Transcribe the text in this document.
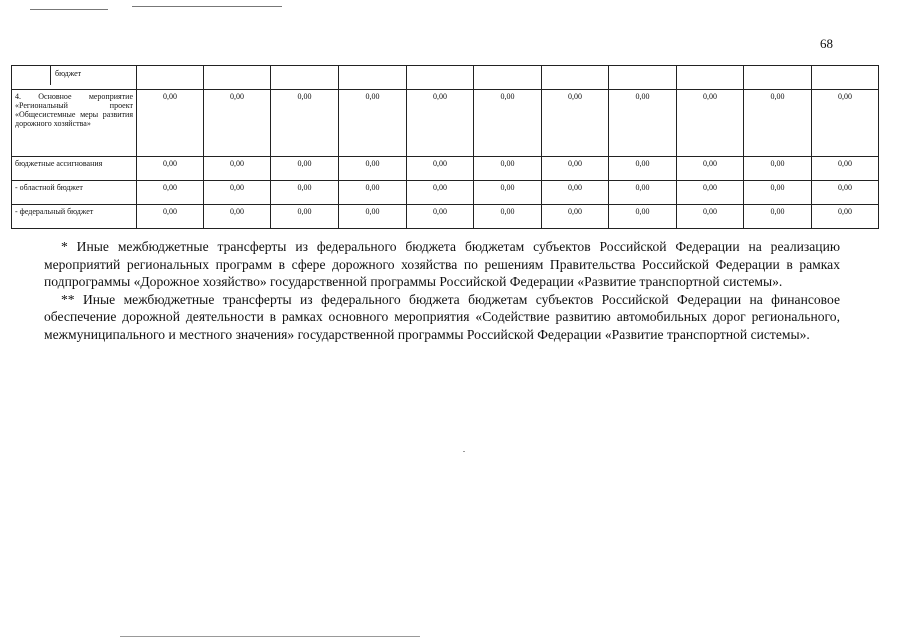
68
бюджет											

4. Основное мероприятие «Региональный проект «Общесистемные меры развития дорожного хозяйства»	0,00	0,00	0,00	0,00	0,00	0,00	0,00	0,00	0,00	0,00	0,00
бюджетные ассигнования	0,00	0,00	0,00	0,00	0,00	0,00	0,00	0,00	0,00	0,00	0,00
- областной бюджет	0,00	0,00	0,00	0,00	0,00	0,00	0,00	0,00	0,00	0,00	0,00
- федеральный бюджет	0,00	0,00	0,00	0,00	0,00	0,00	0,00	0,00	0,00	0,00	0,00

* Иные межбюджетные трансферты из федерального бюджета бюджетам субъектов Российской Федерации на реализацию мероприятий региональных программ в сфере дорожного хозяйства по решениям Правительства Российской Федерации в рамках подпрограммы «Дорожное хозяйство» государственной программы Российской Федерации «Развитие транспортной системы».

** Иные межбюджетные трансферты из федерального бюджета бюджетам субъектов Российской Федерации на финансовое обеспечение дорожной деятельности в рамках основного мероприятия «Содействие развитию автомобильных дорог регионального, межмуниципального и местного значения» государственной программы Российской Федерации «Развитие транспортной системы».
